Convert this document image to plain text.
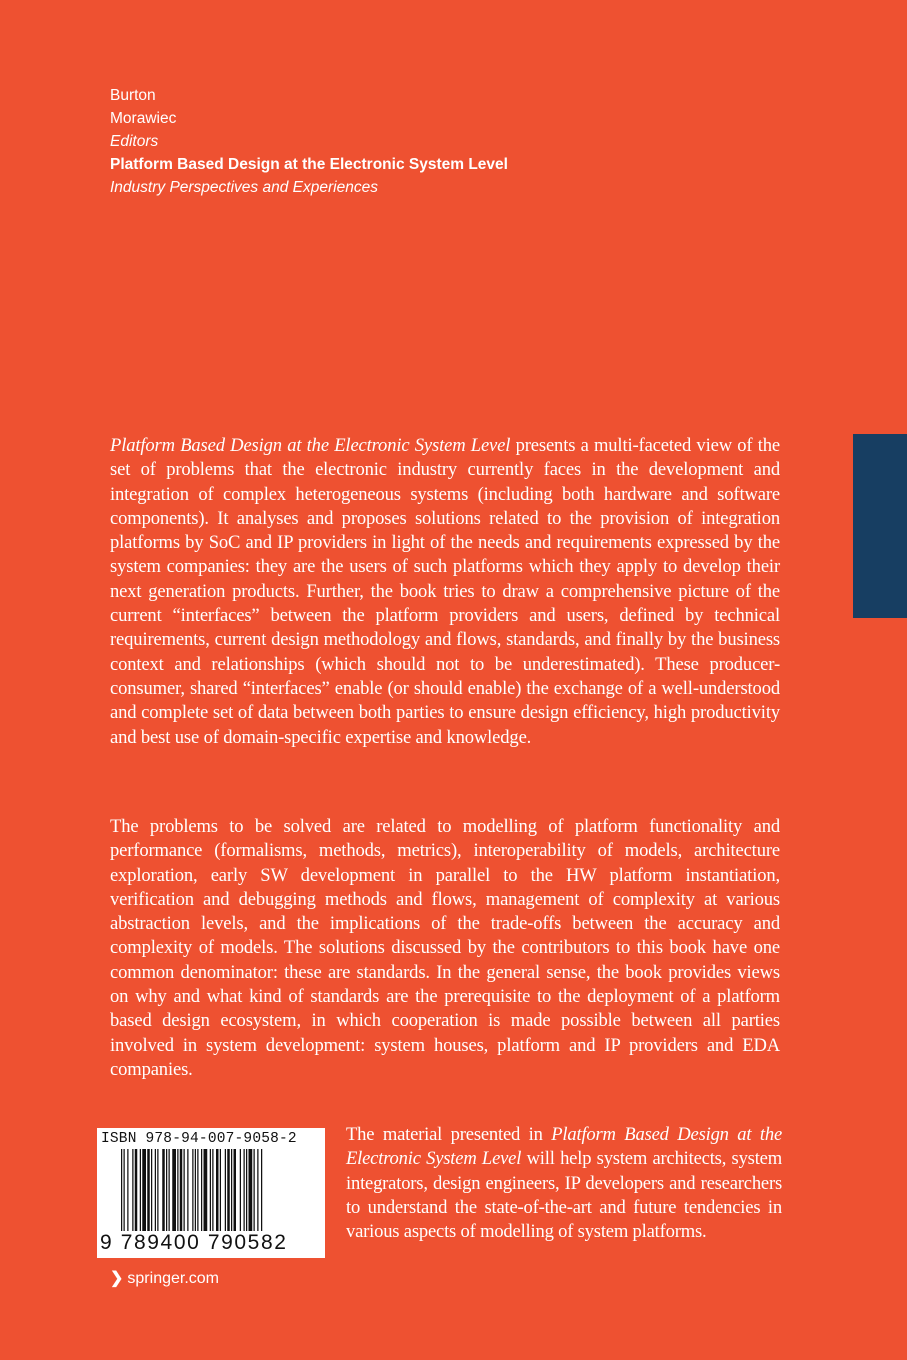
Burton
Morawiec
Editors
Platform Based Design at the Electronic System Level
Industry Perspectives and Experiences
Platform Based Design at the Electronic System Level presents a multi-faceted view of the set of problems that the electronic industry currently faces in the development and integration of complex heterogeneous systems (including both hardware and software components). It analyses and proposes solutions related to the provision of integration platforms by SoC and IP providers in light of the needs and requirements expressed by the system companies: they are the users of such platforms which they apply to develop their next generation products. Further, the book tries to draw a comprehensive picture of the current “interfaces” between the platform providers and users, defined by technical requirements, current design methodology and flows, standards, and finally by the business context and relationships (which should not to be underestimated). These producer-consumer, shared “interfaces” enable (or should enable) the exchange of a well-understood and complete set of data between both parties to ensure design efficiency, high productivity and best use of domain-specific expertise and knowledge.
The problems to be solved are related to modelling of platform functionality and performance (formalisms, methods, metrics), interoperability of models, architecture exploration, early SW development in parallel to the HW platform instantiation, verification and debugging methods and flows, management of complexity at various abstraction levels, and the implications of the trade-offs between the accuracy and complexity of models. The solutions discussed by the contributors to this book have one common denominator: these are standards. In the general sense, the book provides views on why and what kind of standards are the prerequisite to the deployment of a platform based design ecosystem, in which cooperation is made possible between all parties involved in system development: system houses, platform and IP providers and EDA companies.
ISBN 978-94-007-9058-2
9 789400 790582
The material presented in Platform Based Design at the Electronic System Level will help system architects, system integrators, design engineers, IP developers and researchers to understand the state-of-the-art and future tendencies in various aspects of modelling of system platforms.
❯ springer.com
